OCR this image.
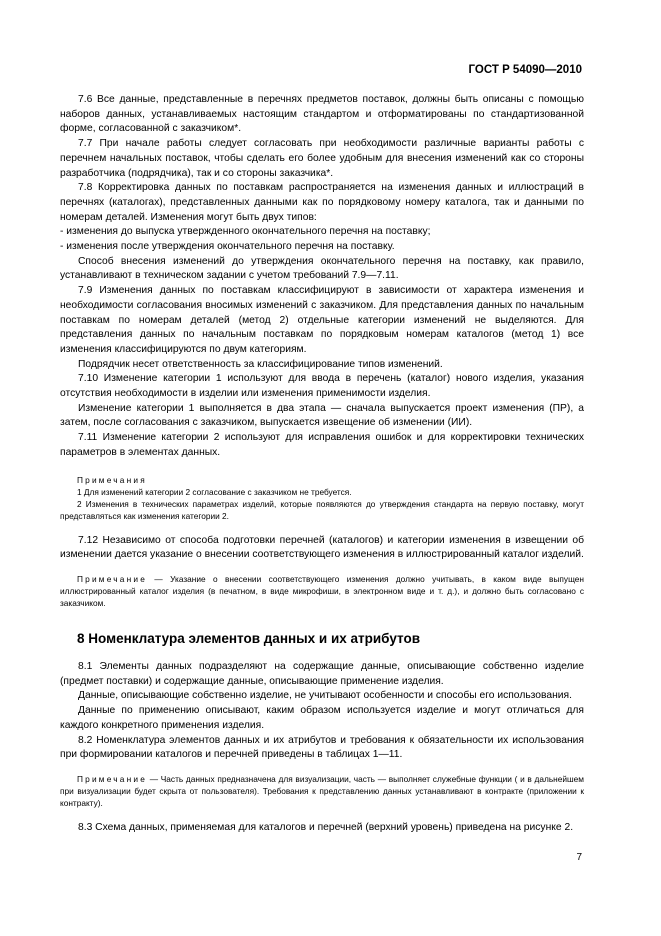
ГОСТ Р 54090—2010

7.6 Все данные, представленные в перечнях предметов поставок, должны быть описаны с помощью наборов данных, устанавливаемых настоящим стандартом и отформатированы по стандартизованной форме, согласованной с заказчиком*.

7.7 При начале работы следует согласовать при необходимости различные варианты работы с перечнем начальных поставок, чтобы сделать его более удобным для внесения изменений как со стороны разработчика (подрядчика), так и со стороны заказчика*.

7.8 Корректировка данных по поставкам распространяется на изменения данных и иллюстраций в перечнях (каталогах), представленных данными как по порядковому номеру каталога, так и данными по номерам деталей. Изменения могут быть двух типов:

- изменения до выпуска утвержденного окончательного перечня на поставку;

- изменения после утверждения окончательного перечня на поставку.

Способ внесения изменений до утверждения окончательного перечня на поставку, как правило, устанавливают в техническом задании с учетом требований 7.9—7.11.

7.9 Изменения данных по поставкам классифицируют в зависимости от характера изменения и необходимости согласования вносимых изменений с заказчиком. Для представления данных по начальным поставкам по номерам деталей (метод 2) отдельные категории изменений не выделяются. Для представления данных по начальным поставкам по порядковым номерам каталогов (метод 1) все изменения классифицируются по двум категориям.

Подрядчик несет ответственность за классифицирование типов изменений.

7.10 Изменение категории 1 используют для ввода в перечень (каталог) нового изделия, указания отсутствия необходимости в изделии или изменения применимости изделия.

Изменение категории 1 выполняется в два этапа — сначала выпускается проект изменения (ПР), а затем, после согласования с заказчиком, выпускается извещение об изменении (ИИ).

7.11 Изменение категории 2 используют для исправления ошибок и для корректировки технических параметров в элементах данных.

Примечания

1 Для изменений категории 2 согласование с заказчиком не требуется.

2 Изменения в технических параметрах изделий, которые появляются до утверждения стандарта на первую поставку, могут представляться как изменения категории 2.

7.12 Независимо от способа подготовки перечней (каталогов) и категории изменения в извещении об изменении дается указание о внесении соответствующего изменения в иллюстрированный каталог изделий.

Примечание — Указание о внесении соответствующего изменения должно учитывать, в каком виде выпущен иллюстрированный каталог изделия (в печатном, в виде микрофиши, в электронном виде и т. д.), и должно быть согласовано с заказчиком.

8 Номенклатура элементов данных и их атрибутов

8.1 Элементы данных подразделяют на содержащие данные, описывающие собственно изделие (предмет поставки) и содержащие данные, описывающие применение изделия.

Данные, описывающие собственно изделие, не учитывают особенности и способы его использования.

Данные по применению описывают, каким образом используется изделие и могут отличаться для каждого конкретного применения изделия.

8.2 Номенклатура элементов данных и их атрибутов и требования к обязательности их использования при формировании каталогов и перечней приведены в таблицах 1—11.

Примечание — Часть данных предназначена для визуализации, часть — выполняет служебные функции ( и в дальнейшем при визуализации будет скрыта от пользователя). Требования к представлению данных устанавливают в контракте (приложении к контракту).

8.3 Схема данных, применяемая для каталогов и перечней (верхний уровень) приведена на рисунке 2.

7
